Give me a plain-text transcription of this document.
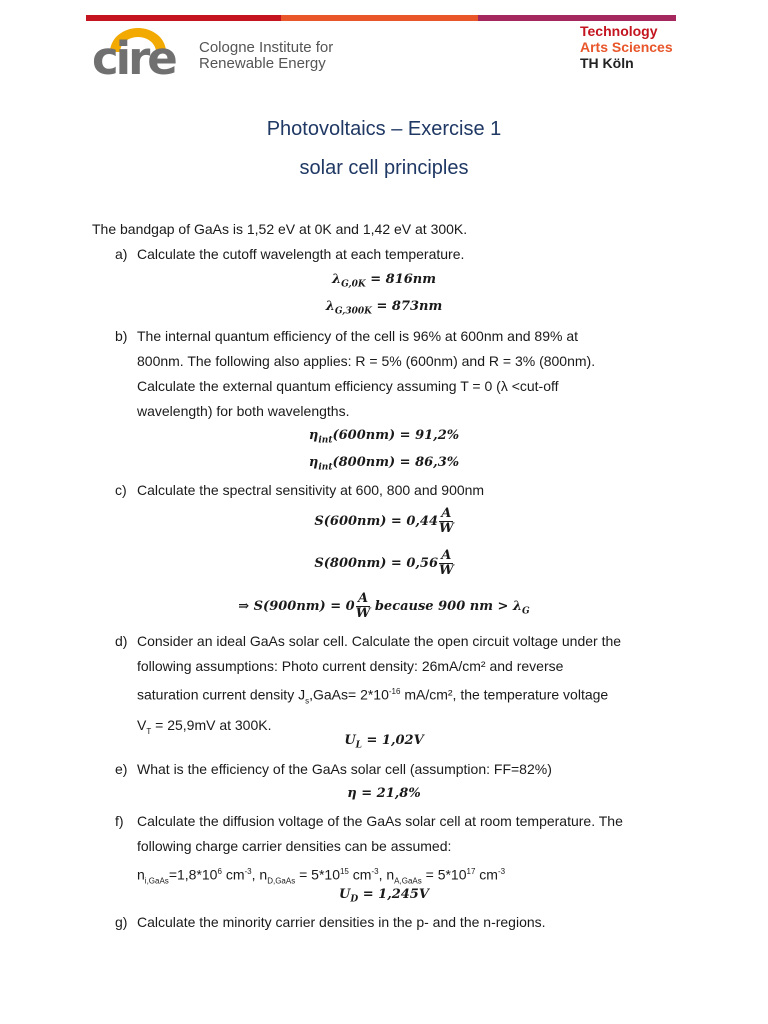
cire Cologne Institute for
Renewable Energy
Technology
Arts Sciences
TH Köln
Photovoltaics – Exercise 1
solar cell principles
The bandgap of GaAs is 1,52 eV at 0K and 1,42 eV at 300K.
a) Calculate the cutoff wavelength at each temperature.
$\lambda_{G,0K} = 816nm$
$\lambda_{G,300K} = 873nm$
b) The internal quantum efficiency of the cell is 96% at 600nm and 89% at
800nm. The following also applies: R = 5% (600nm) and R = 3% (800nm).
Calculate the external quantum efficiency assuming T = 0 (λ <cut-off
wavelength) for both wavelengths.
$\eta_{int}(600nm) = 91,2\%$
$\eta_{int}(800nm) = 86,3\%$
c) Calculate the spectral sensitivity at 600, 800 and 900nm
$S(600nm) = 0,44 \frac{A}{W}$
$S(800nm) = 0,56 \frac{A}{W}$
⇒ $S(900nm) = 0 \frac{A}{W}$ because 900 nm > $\lambda_G$
d) Consider an ideal GaAs solar cell. Calculate the open circuit voltage under the
following assumptions: Photo current density: 26mA/cm² and reverse
saturation current density $J_s,GaAs= 2*10^{-16}$ mA/cm², the temperature voltage
$V_T = 25,9mV$ at 300K.
$U_L = 1,02V$
e) What is the efficiency of the GaAs solar cell (assumption: FF=82%)
η = 21,8%
f) Calculate the diffusion voltage of the GaAs solar cell at room temperature. The
following charge carrier densities can be assumed:
$n_{i,GaAs}=1,8*10^6$ $cm^{-3}$, $n_{D,GaAs} = 5*10^{15}$ $cm^{-3}$, $n_{A,GaAs} = 5*10^{17}$ $cm^{-3}$
$U_D = 1,245V$
g) Calculate the minority carrier densities in the p- and the n-regions.
